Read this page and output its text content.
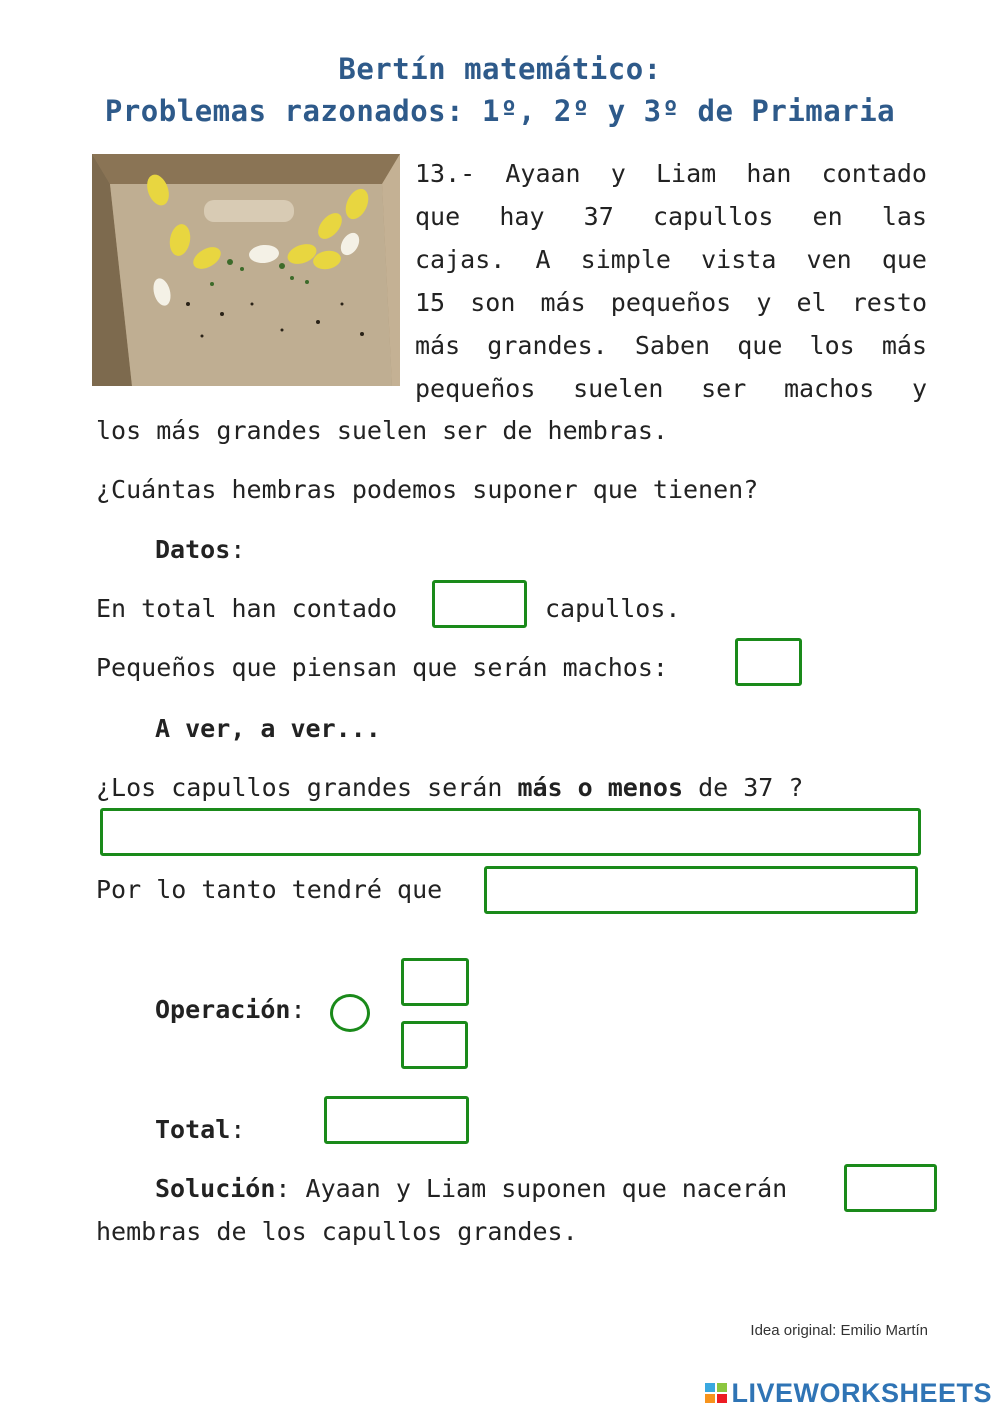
Bertín matemático:
Problemas razonados: 1º, 2º y 3º de Primaria
13.- Ayaan y Liam han contado
que hay 37 capullos en las
cajas. A simple vista ven que
15 son más pequeños y el resto
más grandes. Saben que los más
pequeños suelen ser machos y
los más grandes suelen ser de hembras.
¿Cuántas hembras podemos suponer que tienen?
Datos:
En total han contado	capullos.
Pequeños que piensan que serán machos:
A ver, a ver...
¿Los capullos grandes serán más o menos de 37 ?
Por lo tanto tendré que
Operación:
Total:
Solución: Ayaan y Liam suponen que nacerán
hembras de los capullos grandes.
Idea original: Emilio Martín
LIVEWORKSHEETS
